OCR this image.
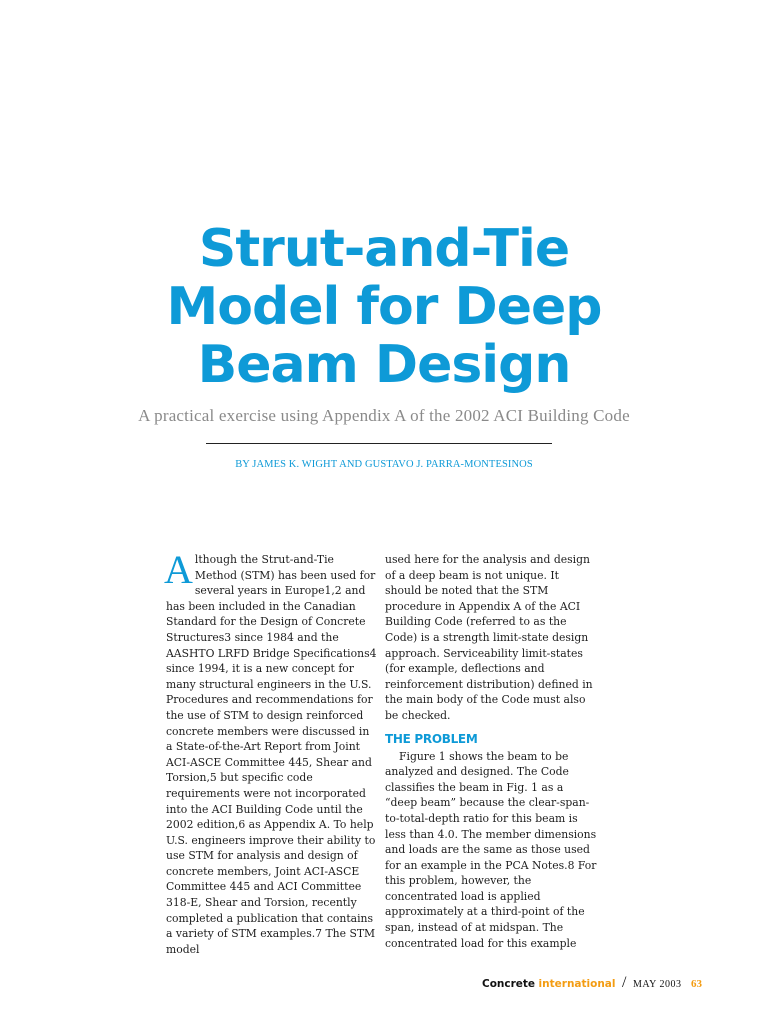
Strut-and-Tie
Model for Deep
Beam Design

A practical exercise using Appendix A of the 2002 ACI Building Code

BY JAMES K. WIGHT AND GUSTAVO J. PARRA-MONTESINOS

Although the Strut-and-Tie Method (STM) has been used for several years in Europe1,2 and has been included in the Canadian Standard for the Design of Concrete Structures3 since 1984 and the AASHTO LRFD Bridge Specifications4 since 1994, it is a new concept for many structural engineers in the U.S. Procedures and recommendations for the use of STM to design reinforced concrete members were discussed in a State-of-the-Art Report from Joint ACI-ASCE Committee 445, Shear and Torsion,5 but specific code requirements were not incorporated into the ACI Building Code until the 2002 edition,6 as Appendix A. To help U.S. engineers improve their ability to use STM for analysis and design of concrete members, Joint ACI-ASCE Committee 445 and ACI Committee 318-E, Shear and Torsion, recently completed a publication that contains a variety of STM examples.7 The STM model

used here for the analysis and design of a deep beam is not unique. It should be noted that the STM procedure in Appendix A of the ACI Building Code (referred to as the Code) is a strength limit-state design approach. Serviceability limit-states (for example, deflections and reinforcement distribution) defined in the main body of the Code must also be checked.

THE PROBLEM

Figure 1 shows the beam to be analyzed and designed. The Code classifies the beam in Fig. 1 as a “deep beam” because the clear-span-to-total-depth ratio for this beam is less than 4.0. The member dimensions and loads are the same as those used for an example in the PCA Notes.8 For this problem, however, the concentrated load is applied approximately at a third-point of the span, instead of at midspan. The concentrated load for this example

Concrete international / MAY 2003 63
